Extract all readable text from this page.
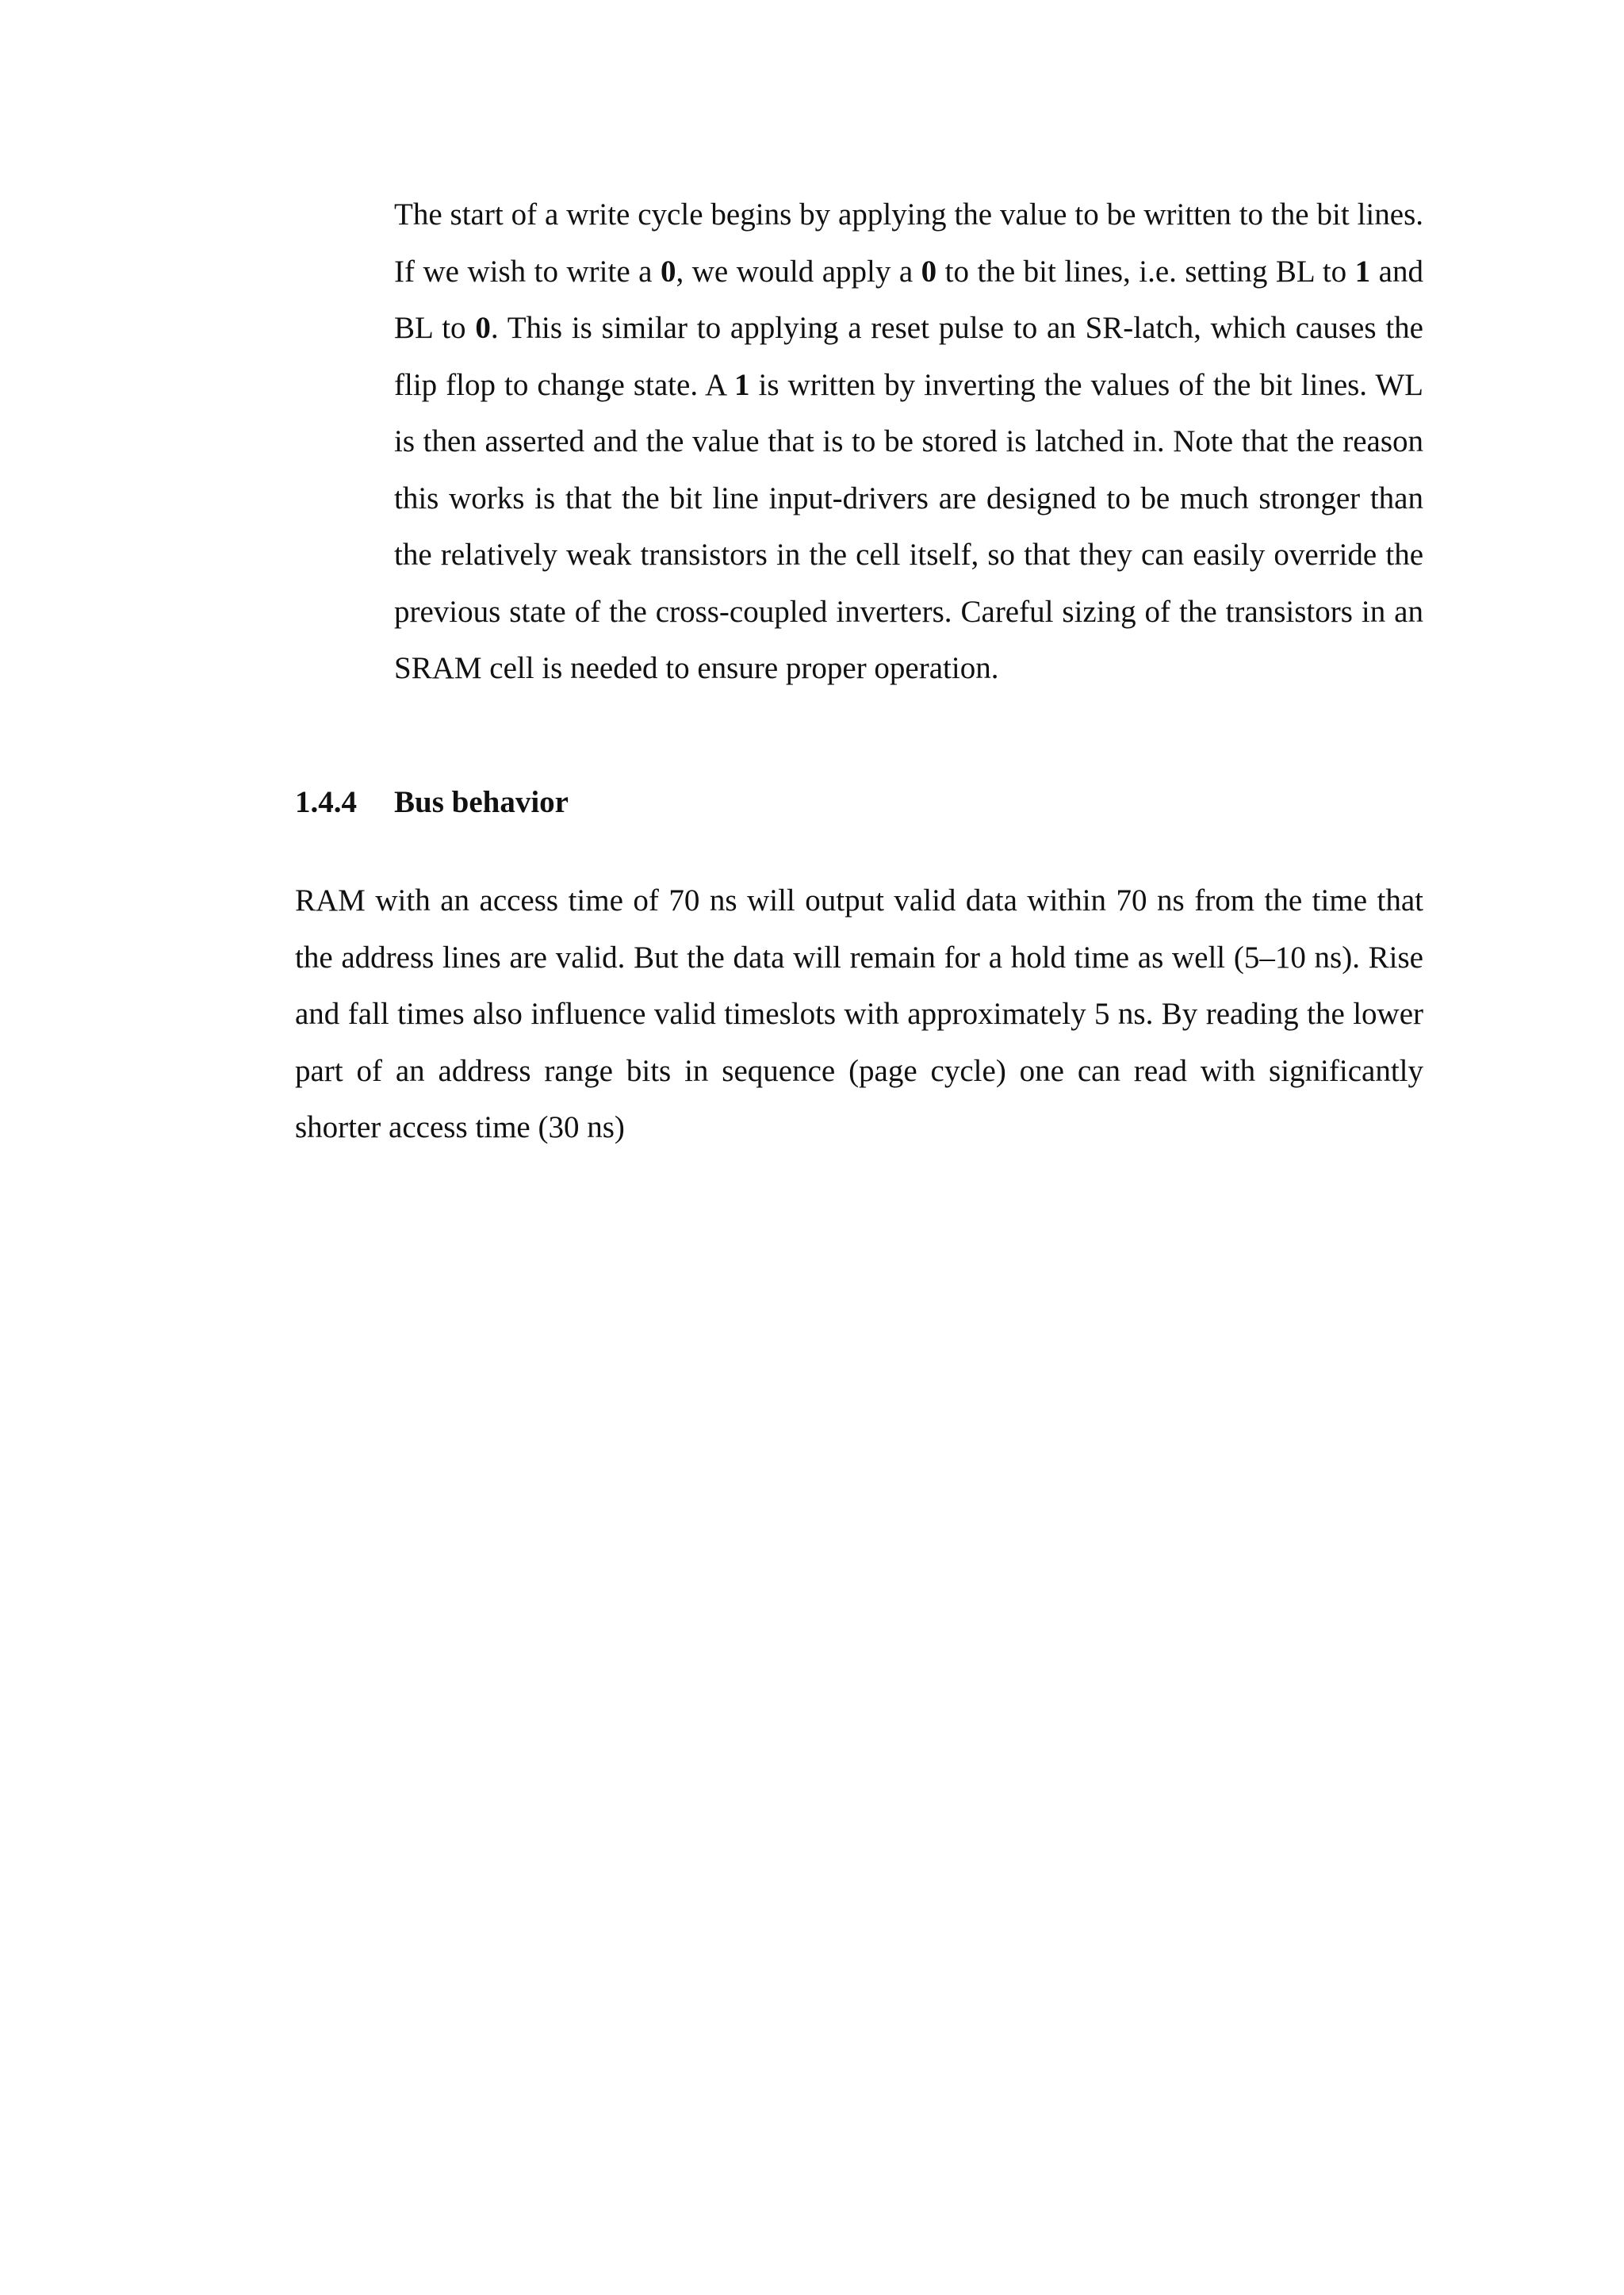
The start of a write cycle begins by applying the value to be written to the bit lines. If we wish to write a 0, we would apply a 0 to the bit lines, i.e. setting BL to 1 and BL to 0. This is similar to applying a reset pulse to an SR-latch, which causes the flip flop to change state. A 1 is written by inverting the values of the bit lines. WL is then asserted and the value that is to be stored is latched in. Note that the reason this works is that the bit line input-drivers are designed to be much stronger than the relatively weak transistors in the cell itself, so that they can easily override the previous state of the cross-coupled inverters. Careful sizing of the transistors in an SRAM cell is needed to ensure proper operation.

1.4.4 Bus behavior

RAM with an access time of 70 ns will output valid data within 70 ns from the time that the address lines are valid. But the data will remain for a hold time as well (5–10 ns). Rise and fall times also influence valid timeslots with approximately 5 ns. By reading the lower part of an address range bits in sequence (page cycle) one can read with significantly shorter access time (30 ns)
